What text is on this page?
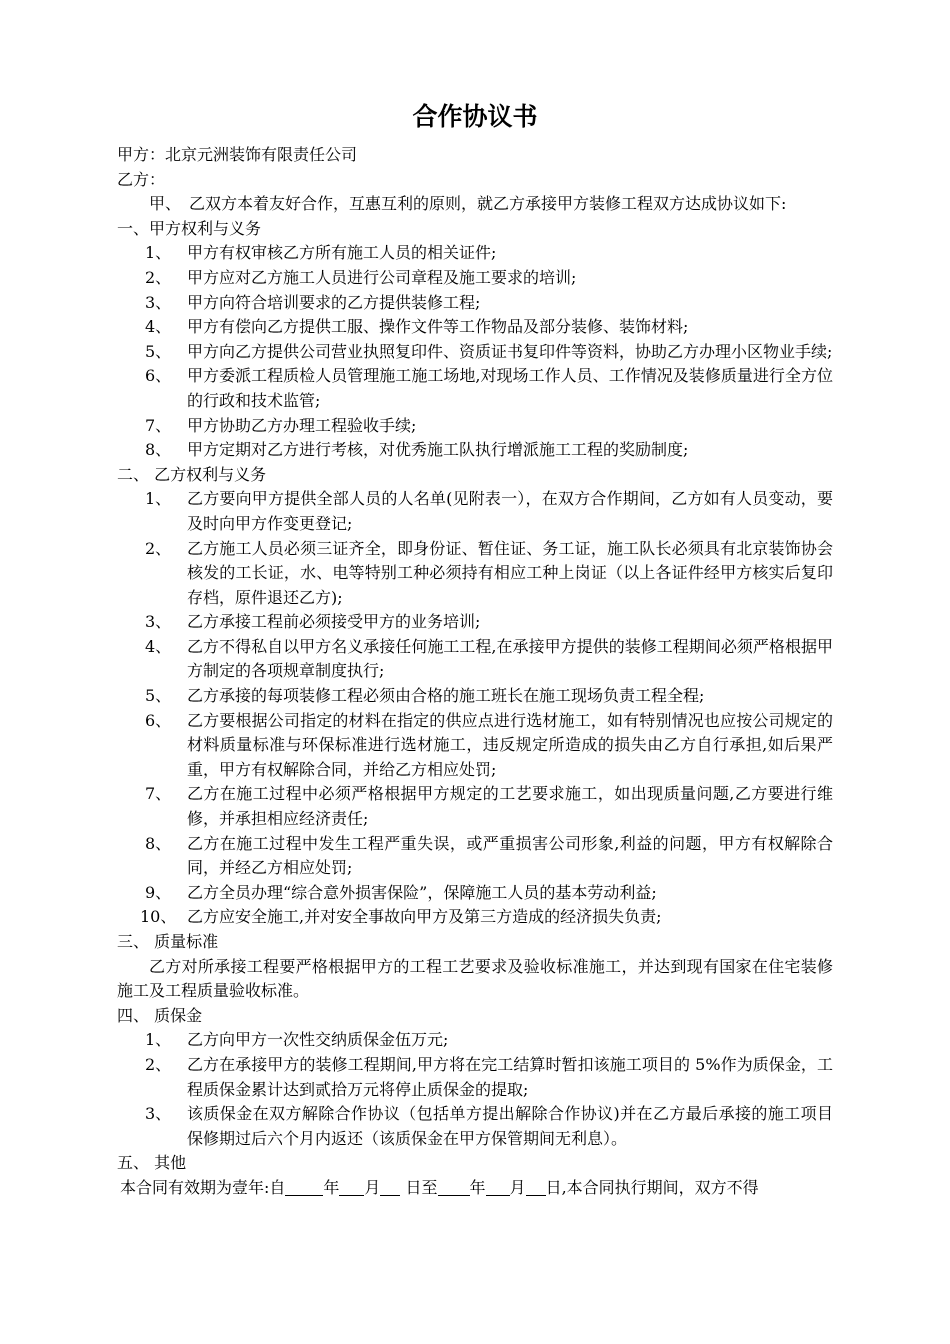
合作协议书
甲方：北京元洲装饰有限责任公司
乙方：
甲、　乙双方本着友好合作，互惠互利的原则，就乙方承接甲方装修工程双方达成协议如下:
一、甲方权利与义务
1、 甲方有权审核乙方所有施工人员的相关证件;
2、 甲方应对乙方施工人员进行公司章程及施工要求的培训;
3、 甲方向符合培训要求的乙方提供装修工程;
4、 甲方有偿向乙方提供工服、操作文件等工作物品及部分装修、装饰材料;
5、 甲方向乙方提供公司营业执照复印件、资质证书复印件等资料，协助乙方办理小区物业手续;
6、 甲方委派工程质检人员管理施工施工场地,对现场工作人员、工作情况及装修质量进行全方位的行政和技术监管;
7、 甲方协助乙方办理工程验收手续;
8、 甲方定期对乙方进行考核，对优秀施工队执行增派施工工程的奖励制度;
二、 乙方权利与义务
1、 乙方要向甲方提供全部人员的人名单(见附表一），在双方合作期间，乙方如有人员变动，要及时向甲方作变更登记;
2、 乙方施工人员必须三证齐全，即身份证、暂住证、务工证，施工队长必须具有北京装饰协会核发的工长证，水、电等特别工种必须持有相应工种上岗证（以上各证件经甲方核实后复印存档，原件退还乙方);
3、 乙方承接工程前必须接受甲方的业务培训;
4、 乙方不得私自以甲方名义承接任何施工工程,在承接甲方提供的装修工程期间必须严格根据甲方制定的各项规章制度执行;
5、 乙方承接的每项装修工程必须由合格的施工班长在施工现场负责工程全程;
6、 乙方要根据公司指定的材料在指定的供应点进行选材施工，如有特别情况也应按公司规定的材料质量标准与环保标准进行选材施工，违反规定所造成的损失由乙方自行承担,如后果严重，甲方有权解除合同，并给乙方相应处罚;
7、 乙方在施工过程中必须严格根据甲方规定的工艺要求施工，如出现质量问题,乙方要进行维修，并承担相应经济责任;
8、 乙方在施工过程中发生工程严重失误，或严重损害公司形象,利益的问题，甲方有权解除合同，并经乙方相应处罚;
9、 乙方全员办理“综合意外损害保险”，保障施工人员的基本劳动利益;
10、 乙方应安全施工,并对安全事故向甲方及第三方造成的经济损失负责;
三、 质量标准
乙方对所承接工程要严格根据甲方的工程工艺要求及验收标准施工，并达到现有国家在住宅装修施工及工程质量验收标准。
四、 质保金
1、 乙方向甲方一次性交纳质保金伍万元;
2、 乙方在承接甲方的装修工程期间,甲方将在完工结算时暂扣该施工项目的 5%作为质保金，工程质保金累计达到贰拾万元将停止质保金的提取;
3、 该质保金在双方解除合作协议（包括单方提出解除合作协议)并在乙方最后承接的施工项目保修期过后六个月内返还（该质保金在甲方保管期间无利息）。
五、 其他
本合同有效期为壹年:自 年 月 日至 年 月 日,本合同执行期间，双方不得
